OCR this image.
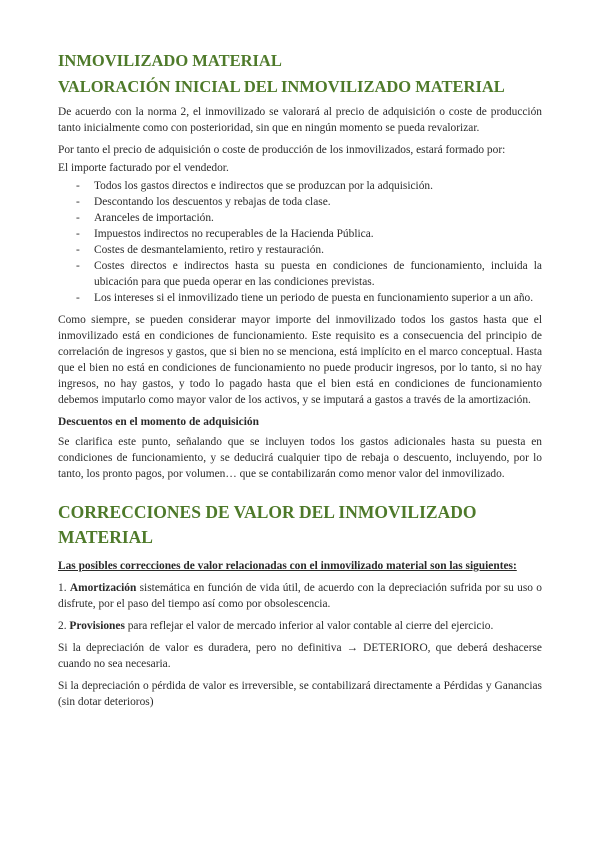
INMOVILIZADO MATERIAL
VALORACIÓN INICIAL DEL INMOVILIZADO MATERIAL

De acuerdo con la norma 2, el inmovilizado se valorará al precio de adquisición o coste de producción tanto inicialmente como con posterioridad, sin que en ningún momento se pueda revalorizar.

Por tanto el precio de adquisición o coste de producción de los inmovilizados, estará formado por:

El importe facturado por el vendedor.

- Todos los gastos directos e indirectos que se produzcan por la adquisición.
- Descontando los descuentos y rebajas de toda clase.
- Aranceles de importación.
- Impuestos indirectos no recuperables de la Hacienda Pública.
- Costes de desmantelamiento, retiro y restauración.
- Costes directos e indirectos hasta su puesta en condiciones de funcionamiento, incluida la ubicación para que pueda operar en las condiciones previstas.
- Los intereses si el inmovilizado tiene un periodo de puesta en funcionamiento superior a un año.

Como siempre, se pueden considerar mayor importe del inmovilizado todos los gastos hasta que el inmovilizado está en condiciones de funcionamiento. Este requisito es a consecuencia del principio de correlación de ingresos y gastos, que si bien no se menciona, está implícito en el marco conceptual. Hasta que el bien no está en condiciones de funcionamiento no puede producir ingresos, por lo tanto, si no hay ingresos, no hay gastos, y todo lo pagado hasta que el bien está en condiciones de funcionamiento debemos imputarlo como mayor valor de los activos, y se imputará a gastos a través de la amortización.

Descuentos en el momento de adquisición

Se clarifica este punto, señalando que se incluyen todos los gastos adicionales hasta su puesta en condiciones de funcionamiento, y se deducirá cualquier tipo de rebaja o descuento, incluyendo, por lo tanto, los pronto pagos, por volumen… que se contabilizarán como menor valor del inmovilizado.

CORRECCIONES DE VALOR DEL INMOVILIZADO MATERIAL

Las posibles correcciones de valor relacionadas con el inmovilizado material son las siguientes:

1. Amortización sistemática en función de vida útil, de acuerdo con la depreciación sufrida por su uso o disfrute, por el paso del tiempo así como por obsolescencia.

2. Provisiones para reflejar el valor de mercado inferior al valor contable al cierre del ejercicio.

Si la depreciación de valor es duradera, pero no definitiva → DETERIORO, que deberá deshacerse cuando no sea necesaria.

Si la depreciación o pérdida de valor es irreversible, se contabilizará directamente a Pérdidas y Ganancias (sin dotar deterioros)
